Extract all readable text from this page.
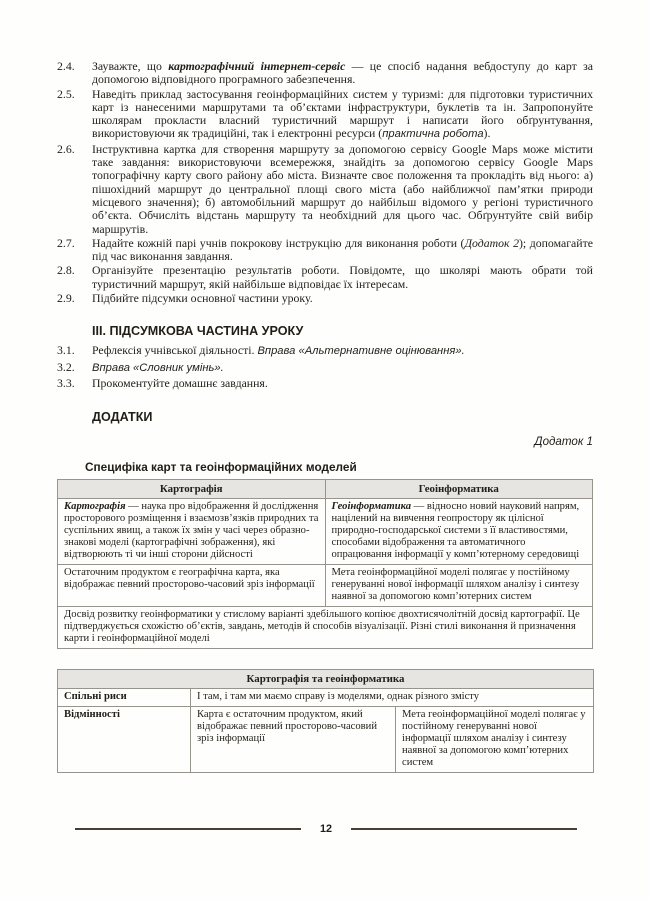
2.4.	Зауважте, що картографічний інтернет-сервіс — це спосіб надання вебдоступу до карт за допомогою відповідного програмного забезпечення.
2.5.	Наведіть приклад застосування геоінформаційних систем у туризмі: для підготовки туристичних карт із нанесеними маршрутами та об’єктами інфраструктури, буклетів та ін. Запропонуйте школярам прокласти власний туристичний маршрут і написати його обґрунтування, використовуючи як традиційні, так і електронні ресурси (практична робота).
2.6.	Інструктивна картка для створення маршруту за допомогою сервісу Google Maps може містити таке завдання: використовуючи всемережжя, знайдіть за допомогою сервісу Google Maps топографічну карту свого району або міста. Визначте своє положення та прокладіть від нього: а) пішохідний маршрут до центральної площі свого міста (або найближчої пам’ятки природи місцевого значення); б) автомобільний маршрут до найбільш відомого у регіоні туристичного об’єкта. Обчисліть відстань маршруту та необхідний для цього час. Обґрунтуйте свій вибір маршрутів.
2.7.	Надайте кожній парі учнів покрокову інструкцію для виконання роботи (Додаток 2); допомагайте під час виконання завдання.
2.8.	Організуйте презентацію результатів роботи. Повідомте, що школярі мають обрати той туристичний маршрут, якій найбільше відповідає їх інтересам.
2.9.	Підбийте підсумки основної частини уроку.
ІІІ. ПІДСУМКОВА ЧАСТИНА УРОКУ
3.1.	Рефлексія учнівської діяльності. Вправа «Альтернативне оцінювання».
3.2.	Вправа «Словник умінь».
3.3.	Прокоментуйте домашнє завдання.
ДОДАТКИ
Додаток 1
Специфіка карт та геоінформаційних моделей
Картографія	Геоінформатика
Картографія — наука про відображення й дослідження просторового розміщення і взаємозв’язків природних та суспільних явищ, а також їх змін у часі через образно-знакові моделі (картографічні зображення), які відтворюють ті чи інші сторони дійсності	Геоінформатика — відносно новий науковий напрям, націлений на вивчення геопростору як цілісної природно-господарської системи з її властивостями, способами відображення та автоматичного опрацювання інформації у комп’ютерному середовищі
Остаточним продуктом є географічна карта, яка відображає певний просторово-часовий зріз інформації	Мета геоінформаційної моделі полягає у постійному генеруванні нової інформації шляхом аналізу і синтезу наявної за допомогою комп’ютерних систем
Досвід розвитку геоінформатики у стислому варіанті здебільшого копіює двохтисячолітній досвід картографії. Це підтверджується схожістю об’єктів, завдань, методів й способів візуалізації. Різні стилі виконання й призначення карти і геоінформаційної моделі	
Картографія та геоінформатика		
Спільні риси	І там, і там ми маємо справу із моделями, однак різного змісту	
Відмінності	Карта є остаточним продуктом, який відображає певний просторово-часовий зріз інформації	Мета геоінформаційної моделі полягає у постійному генеруванні нової інформації шляхом аналізу і синтезу наявної за допомогою комп’ютерних систем
12
